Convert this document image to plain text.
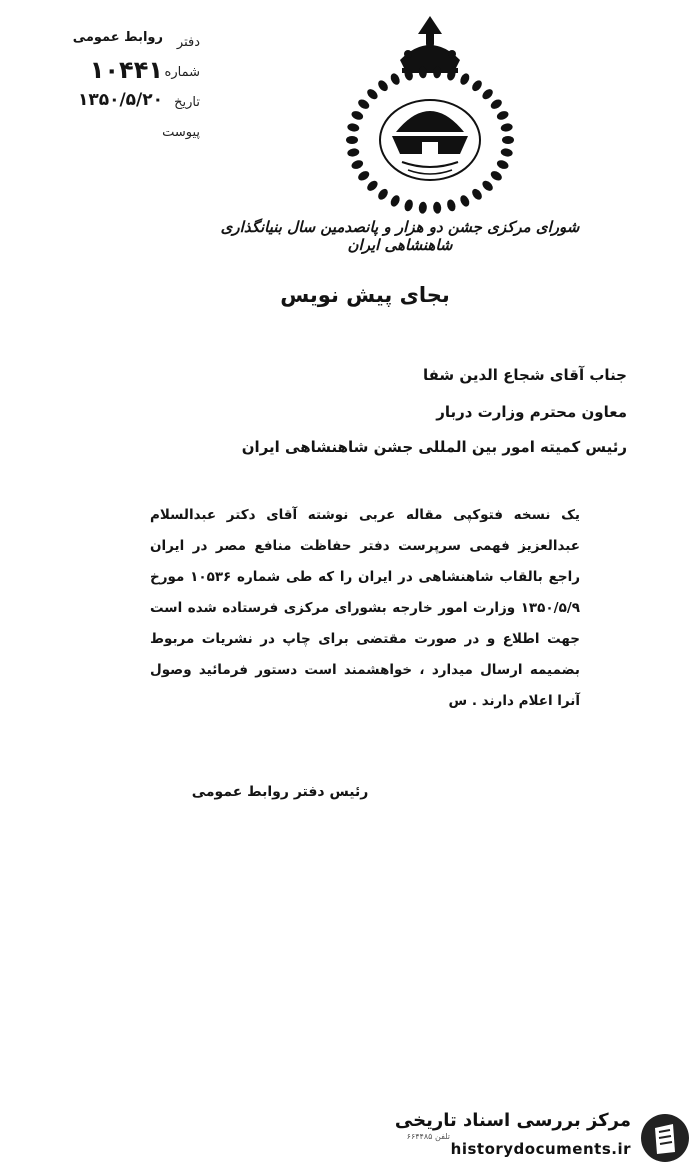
دفتر
شماره
تاریخ
پیوست
روابط عمومی
۱۰۴۴۱
۱۳۵۰/۵/۲۰
شورای مرکزی جشن دو هزار و پانصدمین سال بنیانگذاری شاهنشاهی ایران
بجای پیش نویس
جناب آقای شجاع الدین شفا
معاون محترم وزارت دربار
رئیس کمیته امور بین المللی جشن شاهنشاهی ایران
یک نسخه فتوکپی مقاله عربی نوشته آقای دکتر عبدالسلام عبدالعزیز فهمی سرپرست دفتر حفاظت منافع مصر در ایران راجع بالقاب شاهنشاهی در ایران را که طی شماره ۱۰۵۳۶ مورخ ۱۳۵۰/۵/۹ وزارت امور خارجه بشورای مرکزی فرستاده شده است جهت اطلاع و در صورت مقتضی برای چاپ در نشریات مربوط بضمیمه ارسال میدارد ، خواهشمند است دستور فرمائید وصول آنرا اعلام دارند . س
رئیس دفتر روابط عمومی
تلفن ۶۶۴۴۸۵
مرکز بررسی اسناد تاریخی
historydocuments.ir
